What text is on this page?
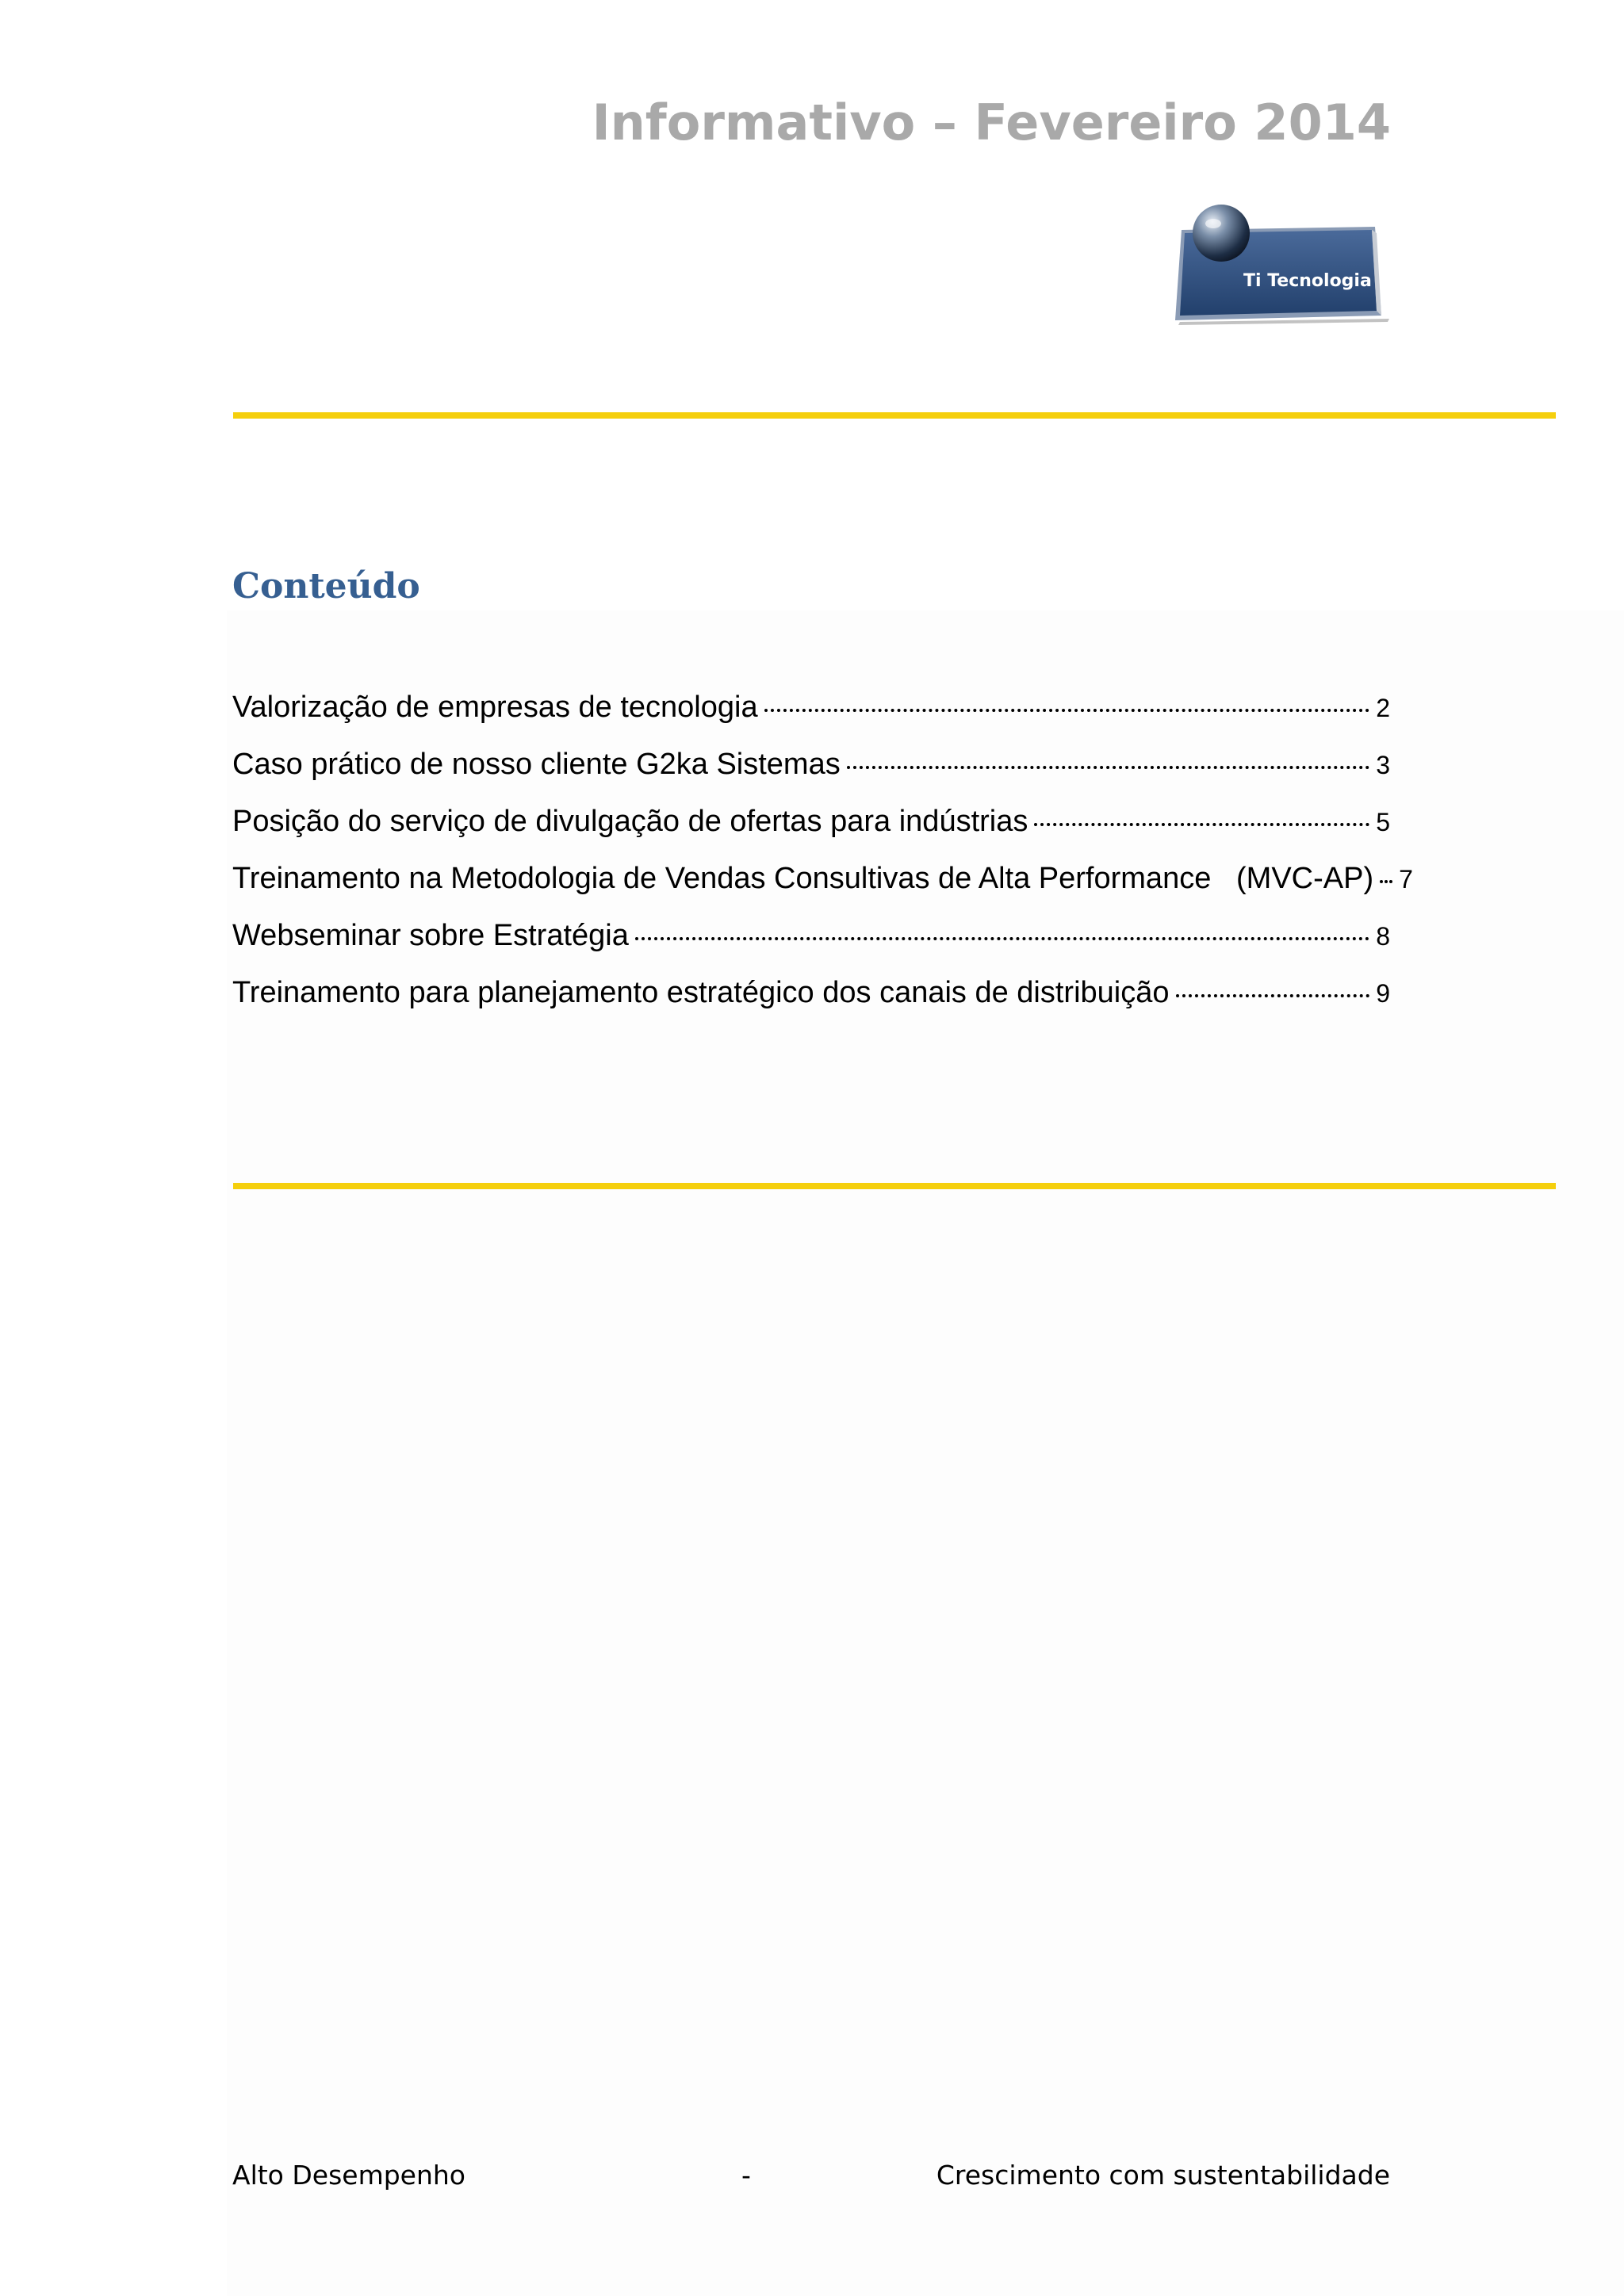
Informativo – Fevereiro 2014
Ti Tecnologia
Conteúdo
Valorização de empresas de tecnologia	2
Caso prático de nosso cliente G2ka Sistemas	3
Posição do serviço de divulgação de ofertas para indústrias	5
Treinamento na Metodologia de Vendas Consultivas de Alta Performance   (MVC-AP) 7
Webseminar sobre Estratégia	8
Treinamento para planejamento estratégico dos canais de distribuição	9
Alto Desempenho	-	Crescimento com sustentabilidade
